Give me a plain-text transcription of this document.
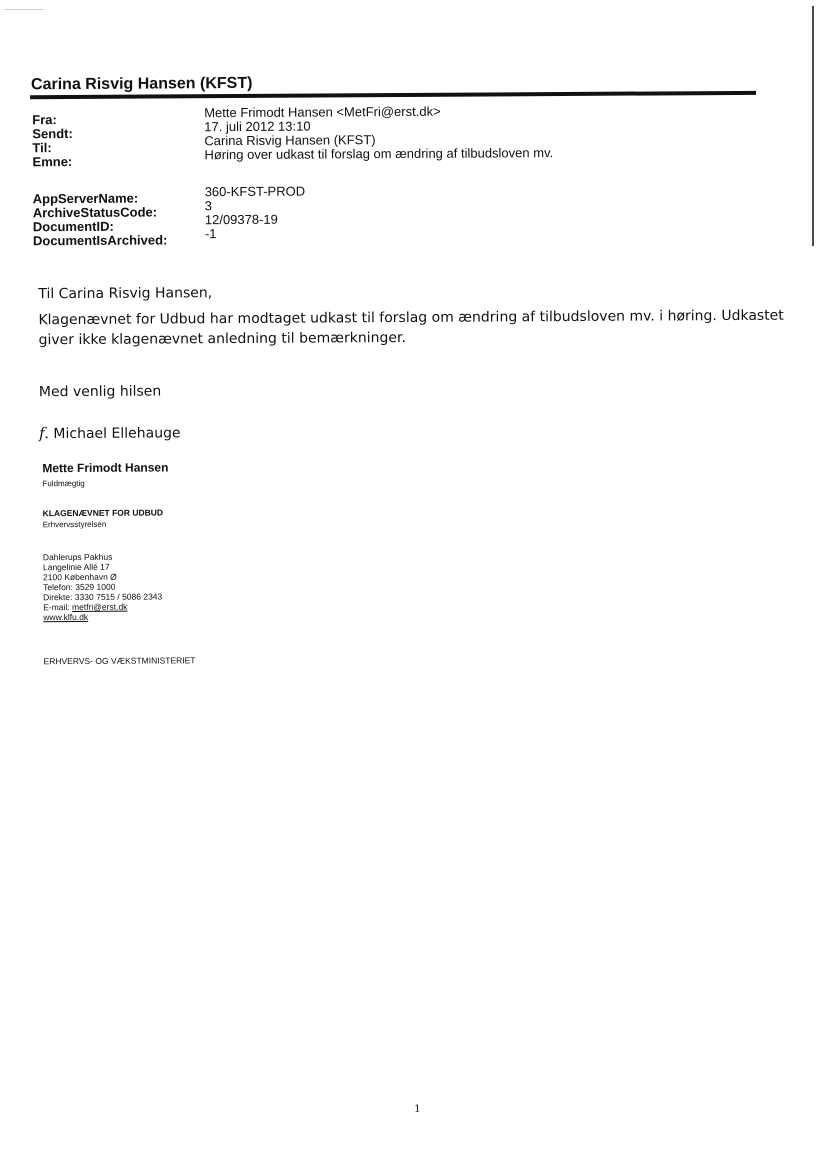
Carina Risvig Hansen (KFST)
Fra:	Mette Frimodt Hansen <MetFri@erst.dk>
Sendt:	17. juli 2012 13:10
Til:	Carina Risvig Hansen (KFST)
Emne:	Høring over udkast til forslag om ændring af tilbudsloven mv.
AppServerName:	360-KFST-PROD
ArchiveStatusCode:	3
DocumentID:	12/09378-19
DocumentIsArchived:	-1
Til Carina Risvig Hansen,
Klagenævnet for Udbud har modtaget udkast til forslag om ændring af tilbudsloven mv. i høring. Udkastet
giver ikke klagenævnet anledning til bemærkninger.
Med venlig hilsen
f. Michael Ellehauge
Mette Frimodt Hansen
Fuldmægtig
KLAGENÆVNET FOR UDBUD
Erhvervsstyrelsen
Dahlerups Pakhus
Langelinie Allé 17
2100 København Ø
Telefon: 3529 1000
Direkte: 3330 7515 / 5086 2343
E-mail: metfri@erst.dk
www.klfu.dk
ERHVERVS- OG VÆKSTMINISTERIET
1
